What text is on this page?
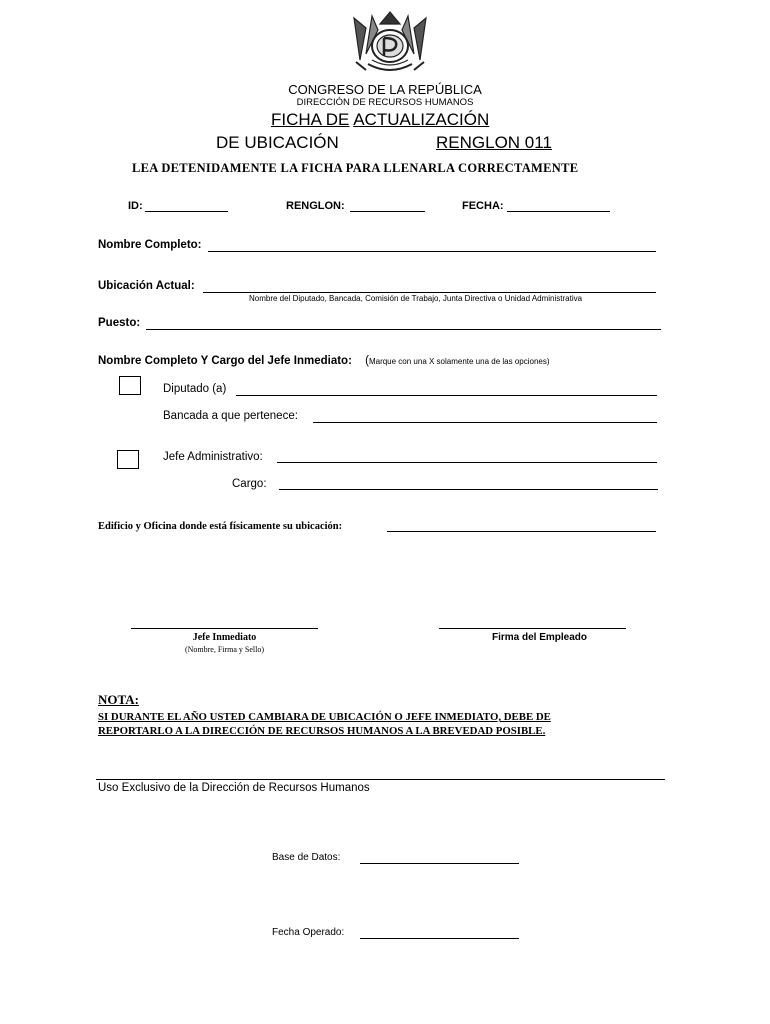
CONGRESO DE LA REPÚBLICA
DIRECCIÓN DE RECURSOS HUMANOS
FICHA DE ACTUALIZACIÓN
DE UBICACIÓN	RENGLON 011
LEA DETENIDAMENTE LA FICHA PARA LLENARLA CORRECTAMENTE
ID:	RENGLON:	FECHA:
Nombre Completo:
Ubicación Actual:
Nombre del Diputado, Bancada, Comisión de Trabajo, Junta Directiva o Unidad Administrativa
Puesto:
Nombre Completo Y Cargo del Jefe Inmediato: (Marque con una X solamente una de las opciones)
Diputado (a)
Bancada a que pertenece:
Jefe Administrativo:
Cargo:
Edificio y Oficina donde está físicamente su ubicación:
Jefe Inmediato
(Nombre, Firma y Sello)
Firma del Empleado
NOTA:
SI DURANTE EL AÑO USTED CAMBIARA DE UBICACIÓN O JEFE INMEDIATO, DEBE DE
REPORTARLO A LA DIRECCIÓN DE RECURSOS HUMANOS A LA BREVEDAD POSIBLE.
Uso Exclusivo de la Dirección de Recursos Humanos
Base de Datos:
Fecha Operado:
